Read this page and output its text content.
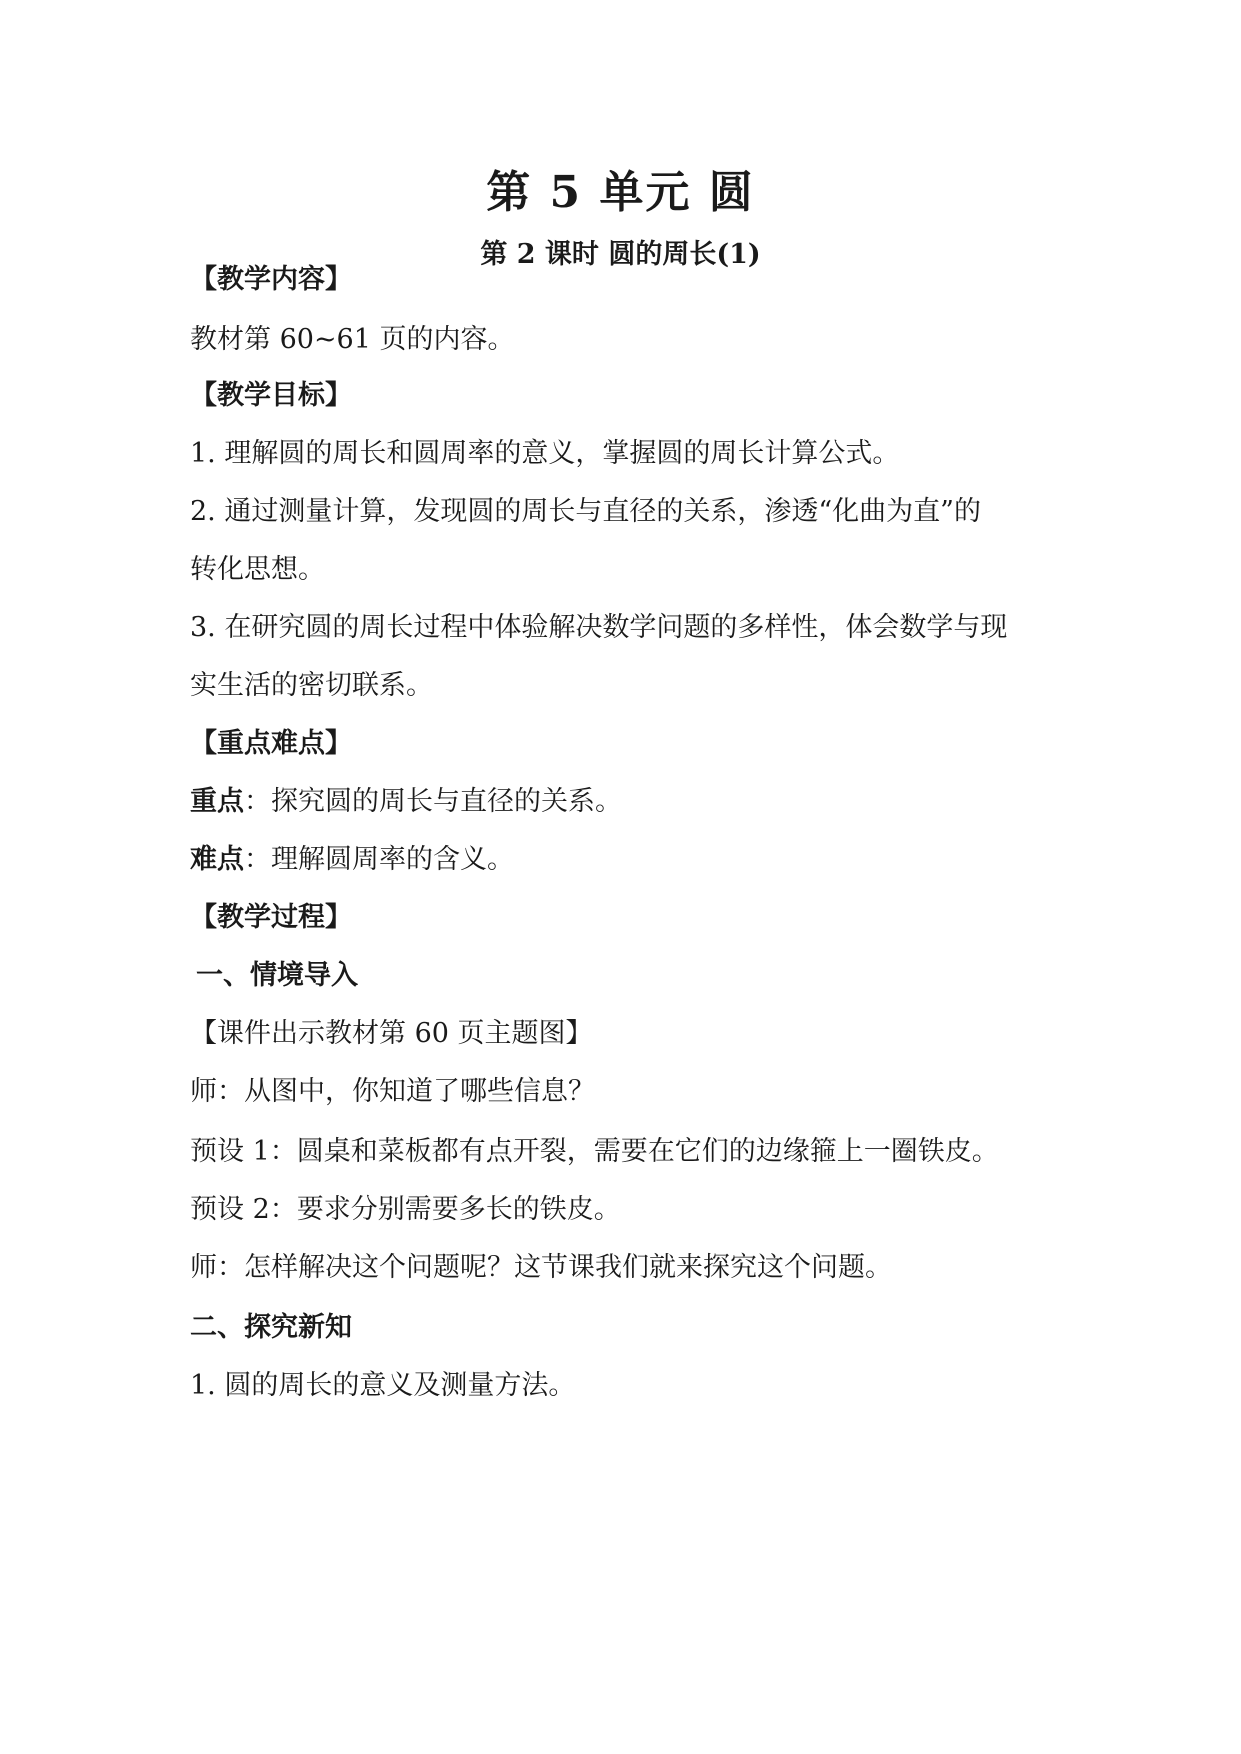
第 5 单元 圆
第 2 课时 圆的周长(1)
【教学内容】
教材第 60~61 页的内容。
【教学目标】
1. 理解圆的周长和圆周率的意义，掌握圆的周长计算公式。
2. 通过测量计算，发现圆的周长与直径的关系，渗透“化曲为直”的
转化思想。
3. 在研究圆的周长过程中体验解决数学问题的多样性，体会数学与现
实生活的密切联系。
【重点难点】
重点：探究圆的周长与直径的关系。
难点：理解圆周率的含义。
【教学过程】
一、情境导入
【课件出示教材第 60 页主题图】
师：从图中，你知道了哪些信息？
预设 1：圆桌和菜板都有点开裂，需要在它们的边缘箍上一圈铁皮。
预设 2：要求分别需要多长的铁皮。
师：怎样解决这个问题呢？这节课我们就来探究这个问题。
二、探究新知
1. 圆的周长的意义及测量方法。
